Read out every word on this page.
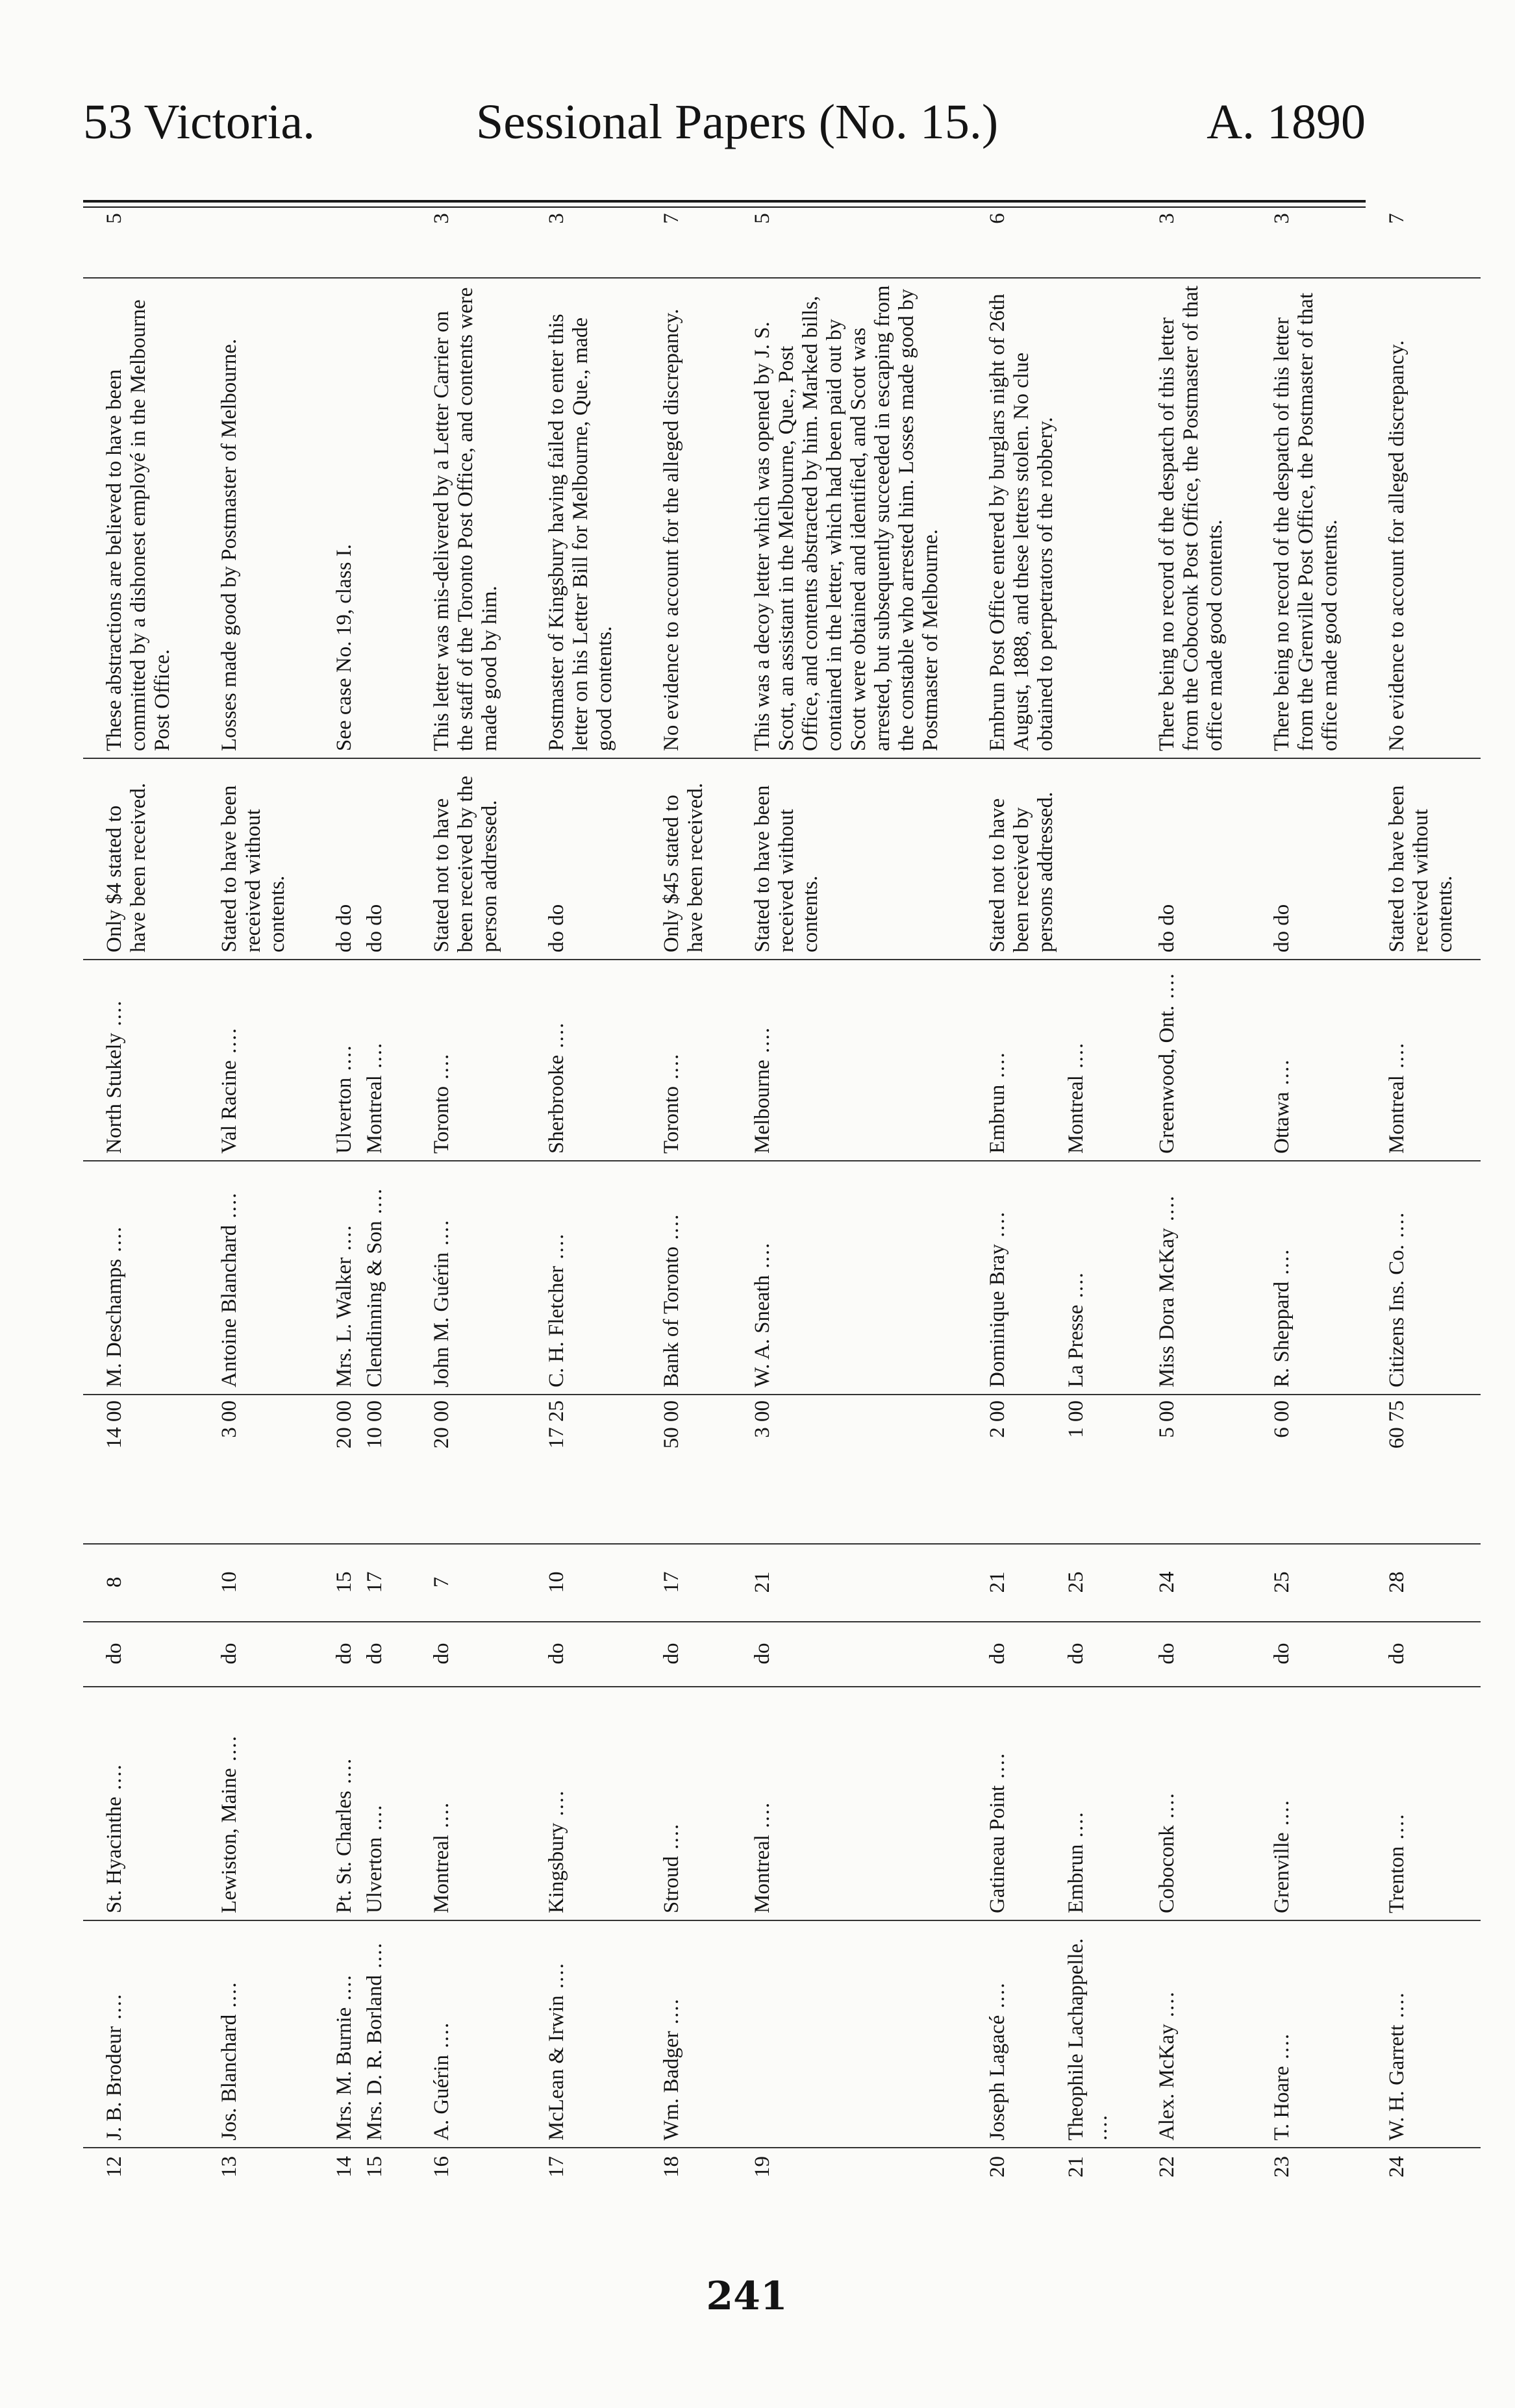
53 Victoria.	Sessional Papers (No. 15.)	A. 1890
12	J. B. Brodeur ....	St. Hyacinthe ....	do	8	14 00	M. Deschamps ....	North Stukely ....	Only $4 stated to have been received.	These abstractions are believed to have been committed by a dishonest employé in the Melbourne Post Office.	5
13	Jos. Blanchard ....	Lewiston, Maine ....	do	10	3 00	Antoine Blanchard ....	Val Racine ....	Stated to have been received without contents.	Losses made good by Postmaster of Melbourne.	
14	Mrs. M. Burnie ....	Pt. St. Charles ....	do	15	20 00	Mrs. L. Walker ....	Ulverton ....	do do	See case No. 19, class I.	
15	Mrs. D. R. Borland ....	Ulverton ....	do	17	10 00	Clendinning & Son ....	Montreal ....	do do		
16	A. Guérin ....	Montreal ....	do	7	20 00	John M. Guérin ....	Toronto ....	Stated not to have been received by the person addressed.	This letter was mis-delivered by a Letter Carrier on the staff of the Toronto Post Office, and contents were made good by him.	3
17	McLean & Irwin ....	Kingsbury ....	do	10	17 25	C. H. Fletcher ....	Sherbrooke ....	do do	Postmaster of Kingsbury having failed to enter this letter on his Letter Bill for Melbourne, Que., made good contents.	3
18	Wm. Badger ....	Stroud ....	do	17	50 00	Bank of Toronto ....	Toronto ....	Only $45 stated to have been received.	No evidence to account for the alleged discrepancy.	7
19		Montreal ....	do	21	3 00	W. A. Sneath ....	Melbourne ....	Stated to have been received without contents.	This was a decoy letter which was opened by J. S. Scott, an assistant in the Melbourne, Que., Post Office, and contents abstracted by him. Marked bills, contained in the letter, which had been paid out by Scott were obtained and identified, and Scott was arrested, but subsequently succeeded in escaping from the constable who arrested him. Losses made good by Postmaster of Melbourne.	5
20	Joseph Lagacé ....	Gatineau Point ....	do	21	2 00	Dominique Bray ....	Embrun ....	Stated not to have been received by persons addressed.	Embrun Post Office entered by burglars night of 26th August, 1888, and these letters stolen. No clue obtained to perpetrators of the robbery.	6
21	Theophile Lachappelle. ....	Embrun ....	do	25	1 00	La Presse ....	Montreal ....			
22	Alex. McKay ....	Coboconk ....	do	24	5 00	Miss Dora McKay ....	Greenwood, Ont. ....	do do	There being no record of the despatch of this letter from the Coboconk Post Office, the Postmaster of that office made good contents.	3
23	T. Hoare ....	Grenville ....	do	25	6 00	R. Sheppard ....	Ottawa ....	do do	There being no record of the despatch of this letter from the Grenville Post Office, the Postmaster of that office made good contents.	3
24	W. H. Garrett ....	Trenton ....	do	28	60 75	Citizens Ins. Co. ....	Montreal ....	Stated to have been received without contents.	No evidence to account for alleged discrepancy.	7
241
